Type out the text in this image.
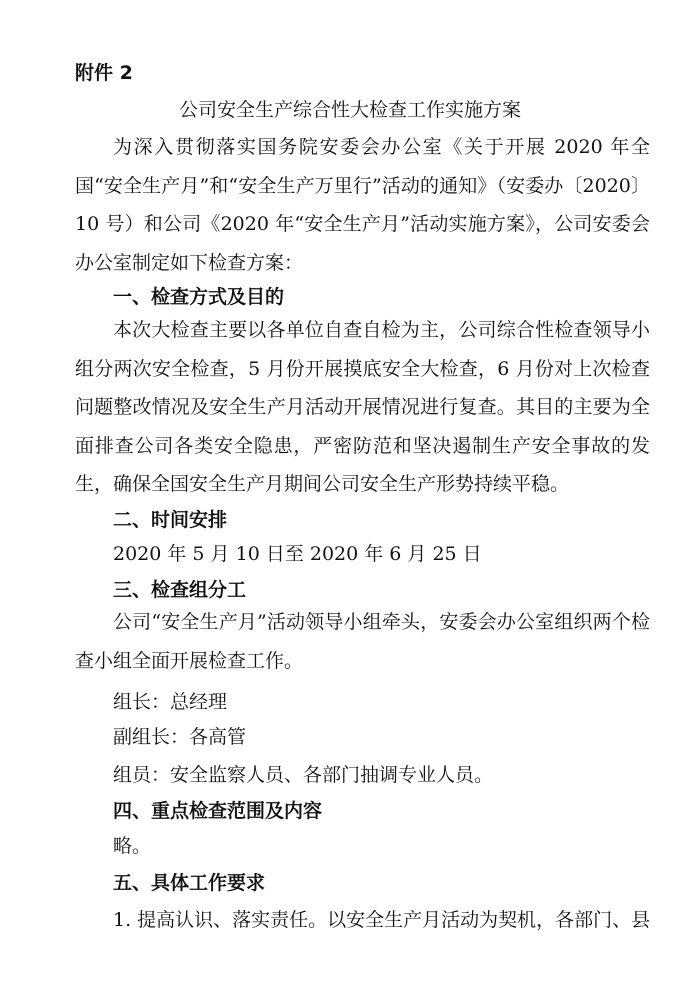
附件 2
公司安全生产综合性大检查工作实施方案
为深入贯彻落实国务院安委会办公室《关于开展 2020 年全国“安全生产月”和“安全生产万里行”活动的通知》（安委办〔2020〕10 号）和公司《2020 年“安全生产月”活动实施方案》，公司安委会办公室制定如下检查方案：
一、检查方式及目的
本次大检查主要以各单位自查自检为主，公司综合性检查领导小组分两次安全检查，5 月份开展摸底安全大检查，6 月份对上次检查问题整改情况及安全生产月活动开展情况进行复查。其目的主要为全面排查公司各类安全隐患，严密防范和坚决遏制生产安全事故的发生，确保全国安全生产月期间公司安全生产形势持续平稳。
二、时间安排
2020 年 5 月 10 日至 2020 年 6 月 25 日
三、检查组分工
公司“安全生产月”活动领导小组牵头，安委会办公室组织两个检查小组全面开展检查工作。
组长：总经理
副组长：各高管
组员：安全监察人员、各部门抽调专业人员。
四、重点检查范围及内容
略。
五、具体工作要求
1. 提高认识、落实责任。以安全生产月活动为契机，各部门、县
